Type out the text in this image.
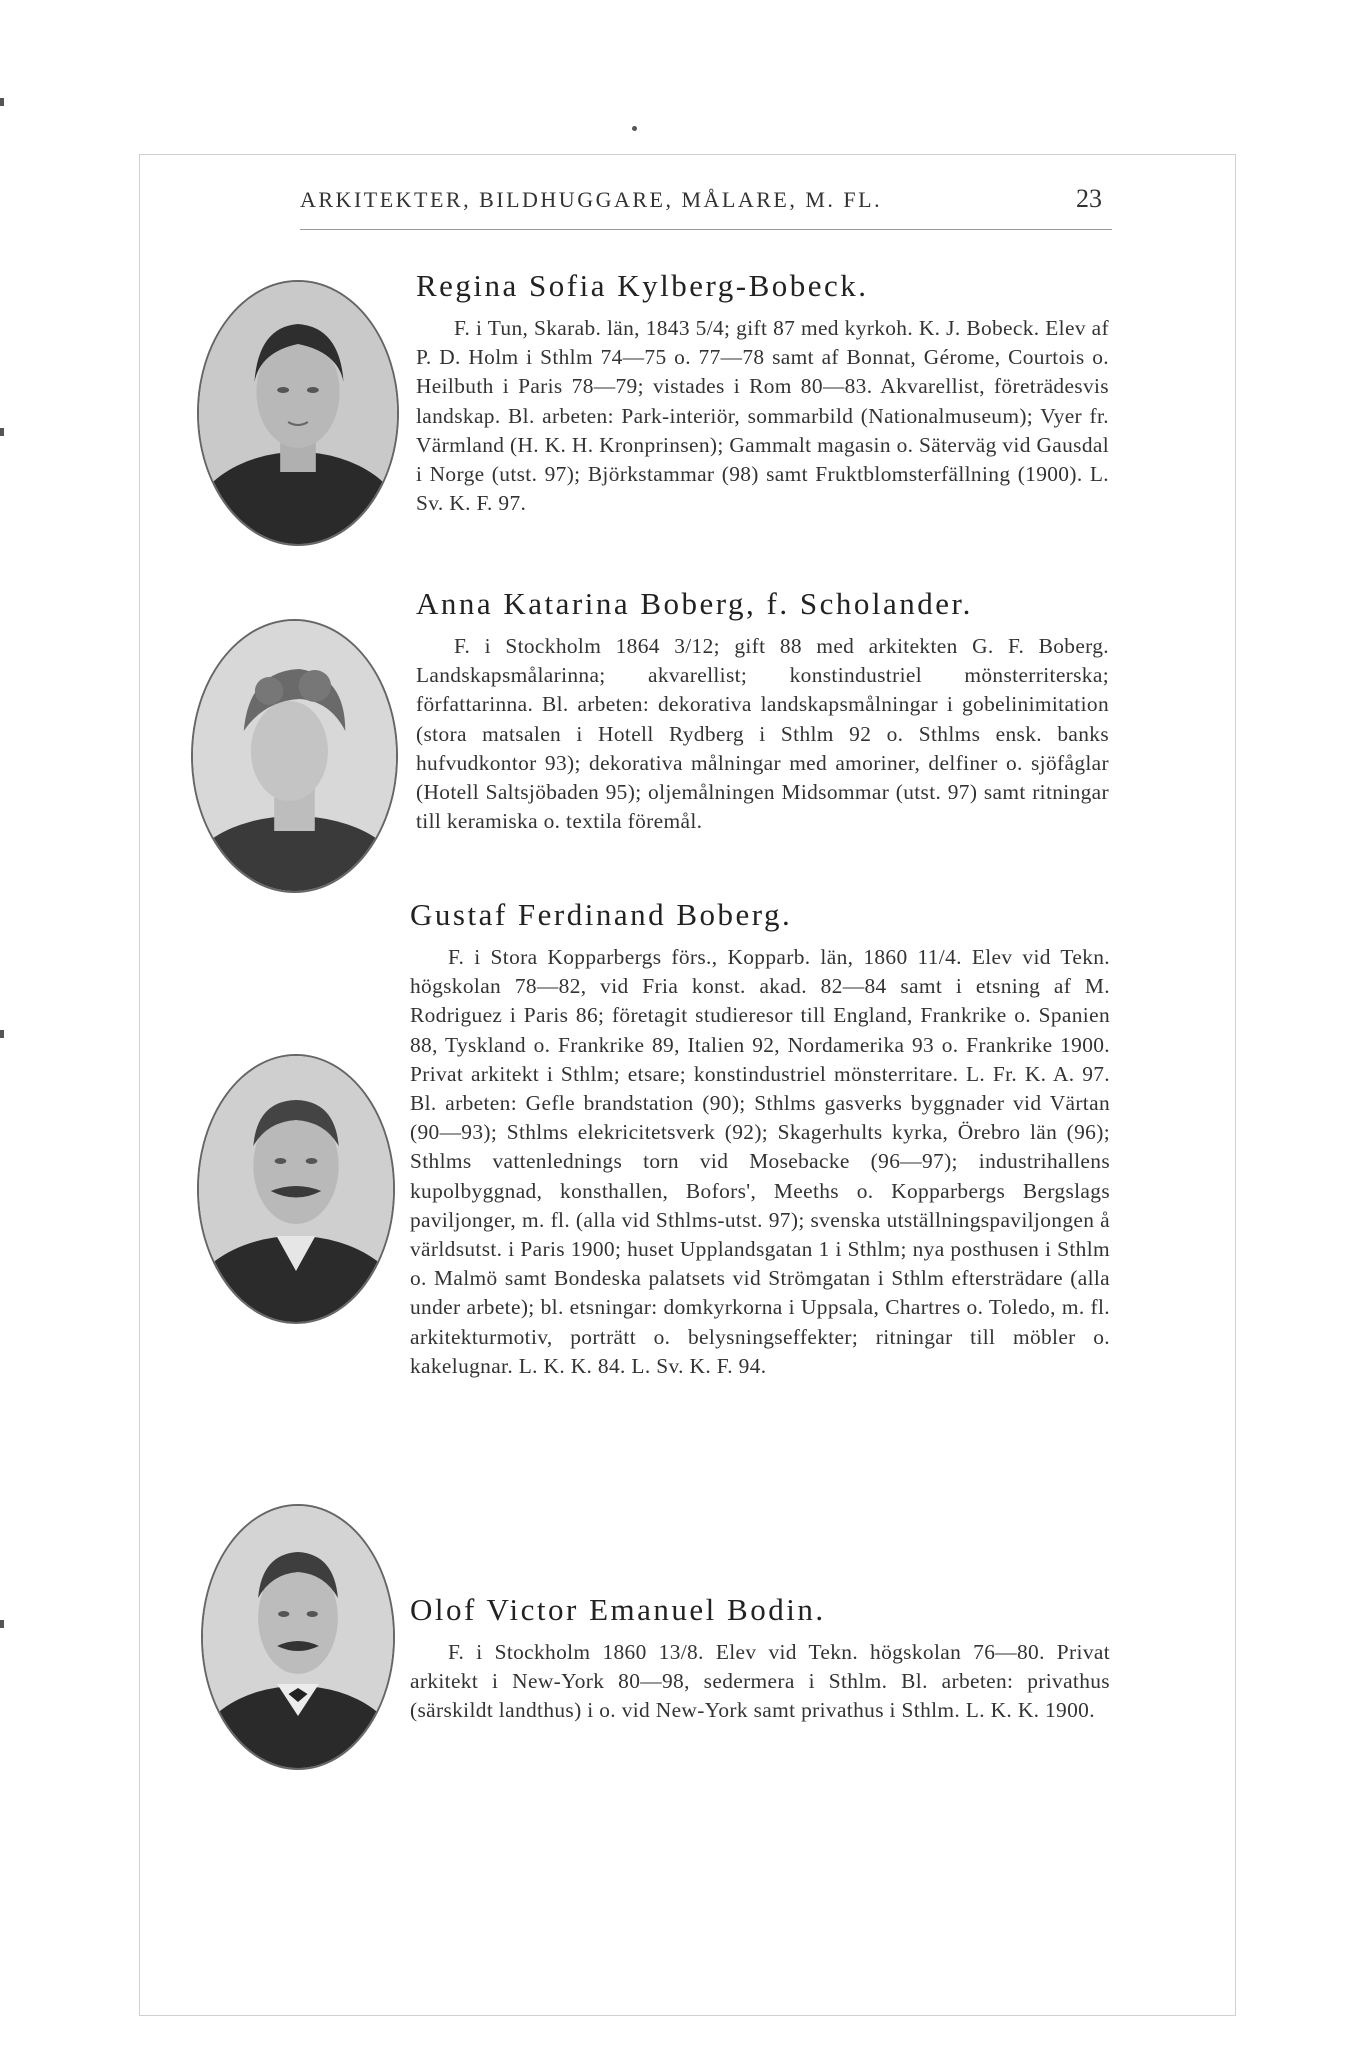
ARKITEKTER, BILDHUGGARE, MÅLARE, M. FL.	23
Regina Sofia Kylberg-Bobeck.
F. i Tun, Skarab. län, 1843 5/4; gift 87 med kyrkoh. K. J. Bobeck. Elev af P. D. Holm i Sthlm 74—75 o. 77—78 samt af Bonnat, Gérome, Courtois o. Heilbuth i Paris 78—79; vistades i Rom 80—83. Akvarellist, företrädesvis landskap. Bl. arbeten: Park-interiör, sommarbild (Nationalmuseum); Vyer fr. Värmland (H. K. H. Kronprinsen); Gammalt magasin o. Säterväg vid Gausdal i Norge (utst. 97); Björkstammar (98) samt Fruktblomsterfällning (1900). L. Sv. K. F. 97.
Anna Katarina Boberg, f. Scholander.
F. i Stockholm 1864 3/12; gift 88 med arkitekten G. F. Boberg. Landskapsmålarinna; akvarellist; konstindustriel mönsterriterska; författarinna. Bl. arbeten: dekorativa landskapsmålningar i gobelinimitation (stora matsalen i Hotell Rydberg i Sthlm 92 o. Sthlms ensk. banks hufvudkontor 93); dekorativa målningar med amoriner, delfiner o. sjöfåglar (Hotell Saltsjöbaden 95); oljemålningen Midsommar (utst. 97) samt ritningar till keramiska o. textila föremål.
Gustaf Ferdinand Boberg.
F. i Stora Kopparbergs förs., Kopparb. län, 1860 11/4. Elev vid Tekn. högskolan 78—82, vid Fria konst. akad. 82—84 samt i etsning af M. Rodriguez i Paris 86; företagit studieresor till England, Frankrike o. Spanien 88, Tyskland o. Frankrike 89, Italien 92, Nordamerika 93 o. Frankrike 1900. Privat arkitekt i Sthlm; etsare; konstindustriel mönsterritare. L. Fr. K. A. 97. Bl. arbeten: Gefle brandstation (90); Sthlms gasverks byggnader vid Värtan (90—93); Sthlms elekricitetsverk (92); Skagerhults kyrka, Örebro län (96); Sthlms vattenlednings torn vid Mosebacke (96—97); industrihallens kupolbyggnad, konsthallen, Bofors', Meeths o. Kopparbergs Bergslags paviljonger, m. fl. (alla vid Sthlms-utst. 97); svenska utställningspaviljongen å världsutst. i Paris 1900; huset Upplandsgatan 1 i Sthlm; nya posthusen i Sthlm o. Malmö samt Bondeska palatsets vid Strömgatan i Sthlm eftersträdare (alla under arbete); bl. etsningar: domkyrkorna i Uppsala, Chartres o. Toledo, m. fl. arkitekturmotiv, porträtt o. belysningseffekter; ritningar till möbler o. kakelugnar. L. K. K. 84. L. Sv. K. F. 94.
Olof Victor Emanuel Bodin.
F. i Stockholm 1860 13/8. Elev vid Tekn. högskolan 76—80. Privat arkitekt i New-York 80—98, sedermera i Sthlm. Bl. arbeten: privathus (särskildt landthus) i o. vid New-York samt privathus i Sthlm. L. K. K. 1900.
